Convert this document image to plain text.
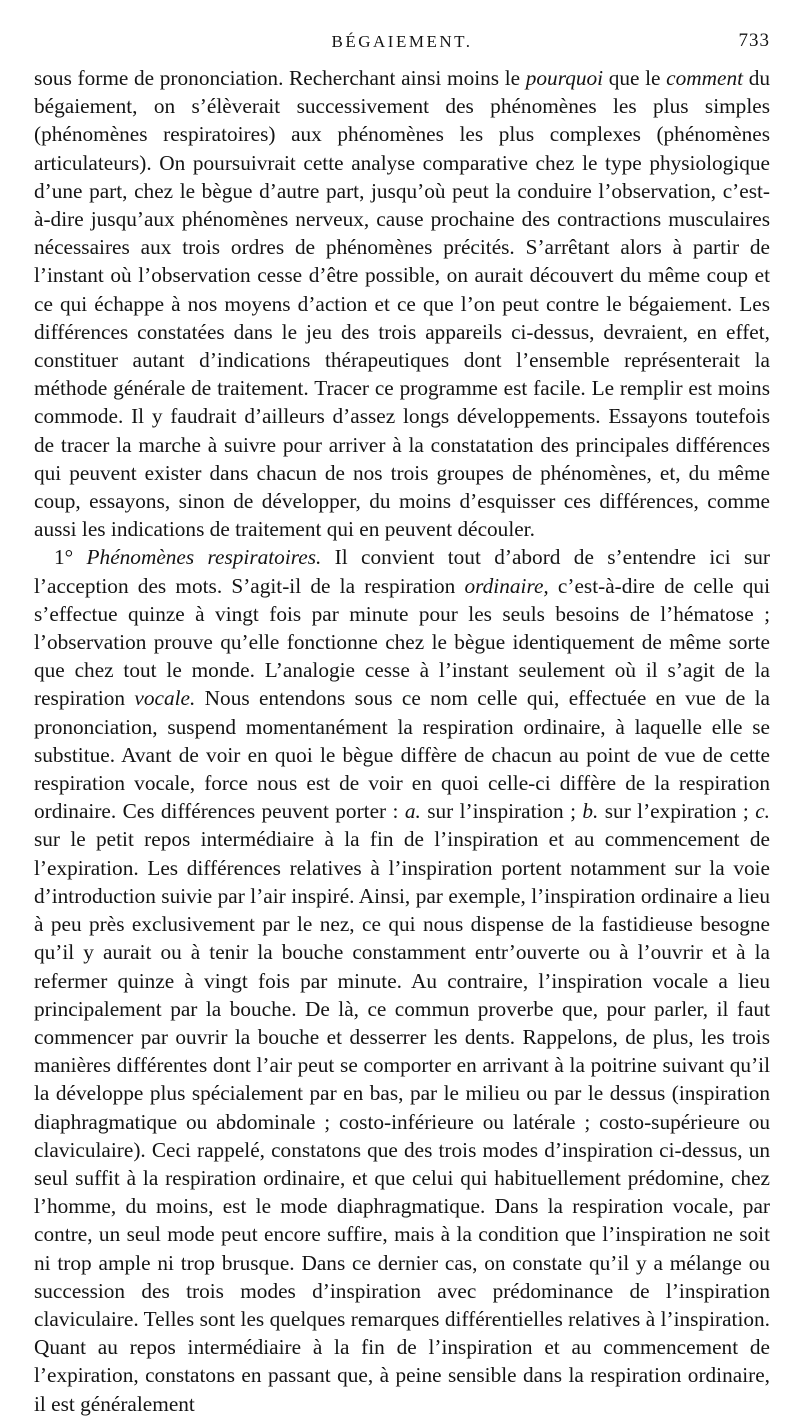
BÉGAIEMENT.	733

sous forme de prononciation. Recherchant ainsi moins le pourquoi que le comment du bégaiement, on s’élèverait successivement des phénomènes les plus simples (phénomènes respiratoires) aux phénomènes les plus complexes (phénomènes articulateurs). On poursuivrait cette analyse comparative chez le type physiologique d’une part, chez le bègue d’autre part, jusqu’où peut la conduire l’observation, c’est-à-dire jusqu’aux phénomènes nerveux, cause prochaine des contractions musculaires nécessaires aux trois ordres de phénomènes précités. S’arrêtant alors à partir de l’instant où l’observation cesse d’être possible, on aurait découvert du même coup et ce qui échappe à nos moyens d’action et ce que l’on peut contre le bégaiement. Les différences constatées dans le jeu des trois appareils ci-dessus, devraient, en effet, constituer autant d’indications thérapeutiques dont l’ensemble représenterait la méthode générale de traitement. Tracer ce programme est facile. Le remplir est moins commode. Il y faudrait d’ailleurs d’assez longs développements. Essayons toutefois de tracer la marche à suivre pour arriver à la constatation des principales différences qui peuvent exister dans chacun de nos trois groupes de phénomènes, et, du même coup, essayons, sinon de développer, du moins d’esquisser ces différences, comme aussi les indications de traitement qui en peuvent découler.

1° Phénomènes respiratoires. Il convient tout d’abord de s’entendre ici sur l’acception des mots. S’agit-il de la respiration ordinaire, c’est-à-dire de celle qui s’effectue quinze à vingt fois par minute pour les seuls besoins de l’hématose ; l’observation prouve qu’elle fonctionne chez le bègue identiquement de même sorte que chez tout le monde. L’analogie cesse à l’instant seulement où il s’agit de la respiration vocale. Nous entendons sous ce nom celle qui, effectuée en vue de la prononciation, suspend momentanément la respiration ordinaire, à laquelle elle se substitue. Avant de voir en quoi le bègue diffère de chacun au point de vue de cette respiration vocale, force nous est de voir en quoi celle-ci diffère de la respiration ordinaire. Ces différences peuvent porter : a. sur l’inspiration ; b. sur l’expiration ; c. sur le petit repos intermédiaire à la fin de l’inspiration et au commencement de l’expiration. Les différences relatives à l’inspiration portent notamment sur la voie d’introduction suivie par l’air inspiré. Ainsi, par exemple, l’inspiration ordinaire a lieu à peu près exclusivement par le nez, ce qui nous dispense de la fastidieuse besogne qu’il y aurait ou à tenir la bouche constamment entr’ouverte ou à l’ouvrir et à la refermer quinze à vingt fois par minute. Au contraire, l’inspiration vocale a lieu principalement par la bouche. De là, ce commun proverbe que, pour parler, il faut commencer par ouvrir la bouche et desserrer les dents. Rappelons, de plus, les trois manières différentes dont l’air peut se comporter en arrivant à la poitrine suivant qu’il la développe plus spécialement par en bas, par le milieu ou par le dessus (inspiration diaphragmatique ou abdominale ; costo-inférieure ou latérale ; costo-supérieure ou claviculaire). Ceci rappelé, constatons que des trois modes d’inspiration ci-dessus, un seul suffit à la respiration ordinaire, et que celui qui habituellement prédomine, chez l’homme, du moins, est le mode diaphragmatique. Dans la respiration vocale, par contre, un seul mode peut encore suffire, mais à la condition que l’inspiration ne soit ni trop ample ni trop brusque. Dans ce dernier cas, on constate qu’il y a mélange ou succession des trois modes d’inspiration avec prédominance de l’inspiration claviculaire. Telles sont les quelques remarques différentielles relatives à l’inspiration. Quant au repos intermédiaire à la fin de l’inspiration et au commencement de l’expiration, constatons en passant que, à peine sensible dans la respiration ordinaire, il est généralement
